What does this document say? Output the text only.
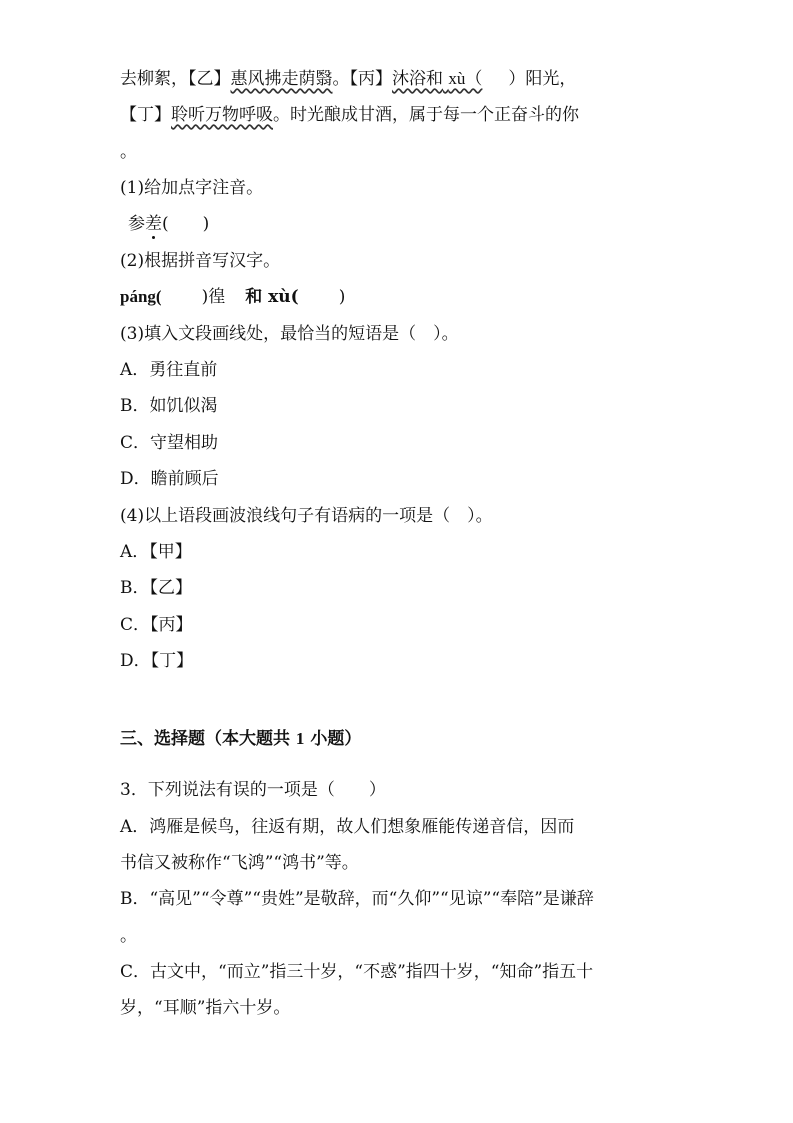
去柳絮，【乙】惠风拂走荫翳。【丙】沐浴和 xù（ ）阳光，
【丁】聆听万物呼吸。时光酿成甘酒，属于每一个正奋斗的你
。
(1)给加点字注音。
参差(　　)
(2)根据拼音写汉字。
páng( )徨 和 xù( )
(3)填入文段画线处，最恰当的短语是（　）。
A．勇往直前
B．如饥似渴
C．守望相助
D．瞻前顾后
(4)以上语段画波浪线句子有语病的一项是（　）。
A．【甲】
B．【乙】
C．【丙】
D．【丁】
三、选择题（本大题共 1 小题）
3．下列说法有误的一项是（　　）
A．鸿雁是候鸟，往返有期，故人们想象雁能传递音信，因而
书信又被称作“飞鸿”“鸿书”等。
B．“高见”“令尊”“贵姓”是敬辞，而“久仰”“见谅”“奉陪”是谦辞
。
C．古文中，“而立”指三十岁，“不惑”指四十岁，“知命”指五十
岁，“耳顺”指六十岁。
